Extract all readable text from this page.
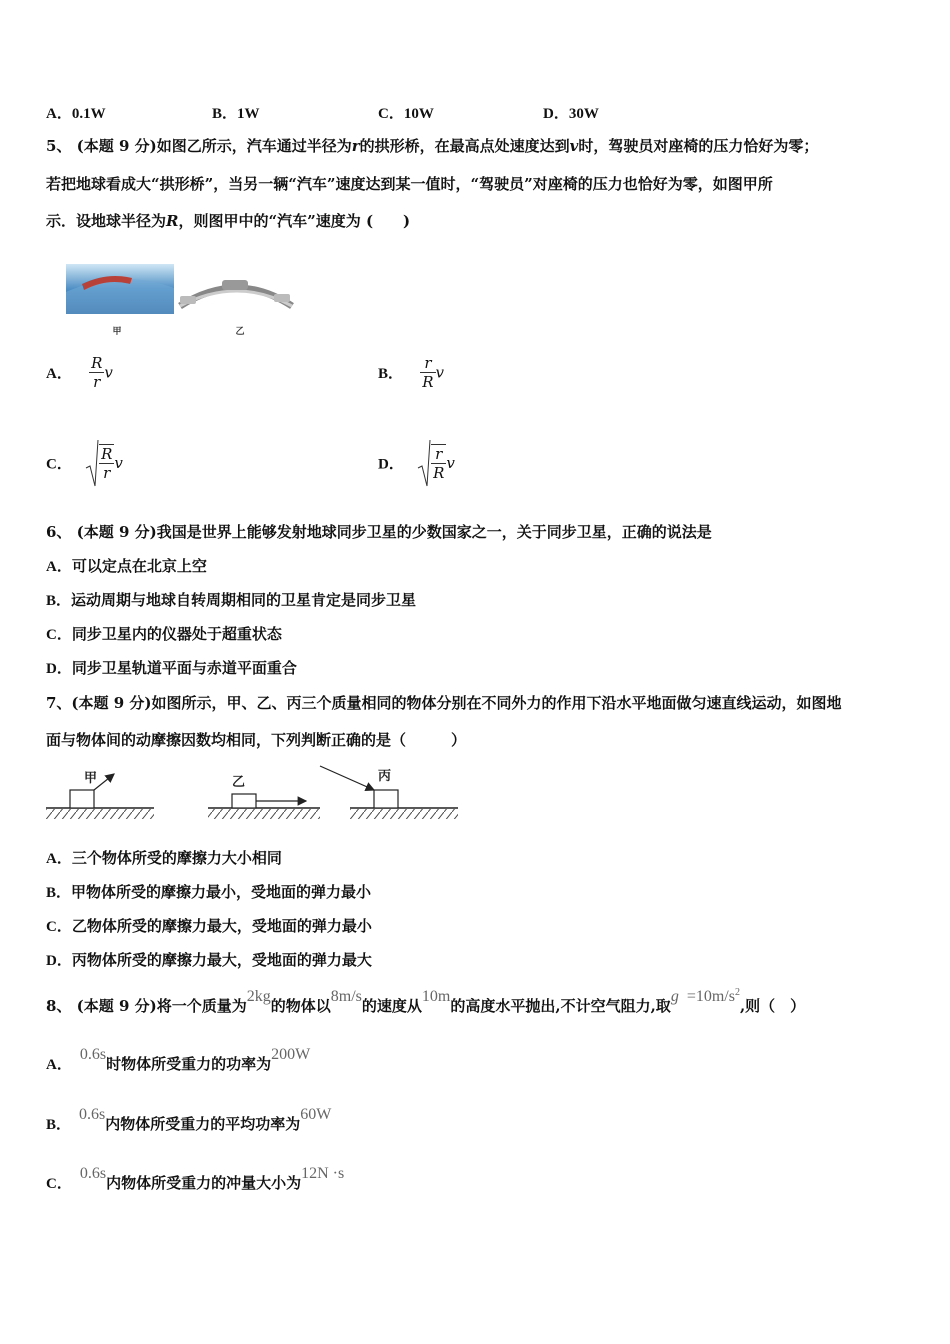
A．0.1W	B．1W	C．10W	D．30W
5、 (本题 9 分)如图乙所示，汽车通过半径为r的拱形桥，在最高点处速度达到v时，驾驶员对座椅的压力恰好为零；
若把地球看成大“拱形桥”，当另一辆“汽车”速度达到某一值时，“驾驶员”对座椅的压力也恰好为零，如图甲所
示．设地球半径为R，则图甲中的“汽车”速度为 (　　)
甲	乙
A． $\frac{R}{r}$ v	B． $\frac{r}{R}$ v
C． $\frac{R}{r}$ v	D． $\frac{r}{R}$ v
6、 (本题 9 分)我国是世界上能够发射地球同步卫星的少数国家之一，关于同步卫星，正确的说法是
A．可以定点在北京上空
B．运动周期与地球自转周期相同的卫星肯定是同步卫星
C．同步卫星内的仪器处于超重状态
D．同步卫星轨道平面与赤道平面重合
7、(本题 9 分)如图所示，甲、乙、丙三个质量相同的物体分别在不同外力的作用下沿水平地面做匀速直线运动，如图地
面与物体间的动摩擦因数均相同，下列判断正确的是（　　　）
甲	乙	丙
A．三个物体所受的摩擦力大小相同
B．甲物体所受的摩擦力最小，受地面的弹力最小
C．乙物体所受的摩擦力最大，受地面的弹力最小
D．丙物体所受的摩擦力最大，受地面的弹力最大
8、 (本题 9 分)将一个质量为2kg的物体以8m/s的速度从10m的高度水平抛出,不计空气阻力,取$g =10m/s^2$,则（　）
A．0.6s时物体所受重力的功率为200W
B．0.6s内物体所受重力的平均功率为60W
C．0.6s内物体所受重力的冲量大小为12N ·s
